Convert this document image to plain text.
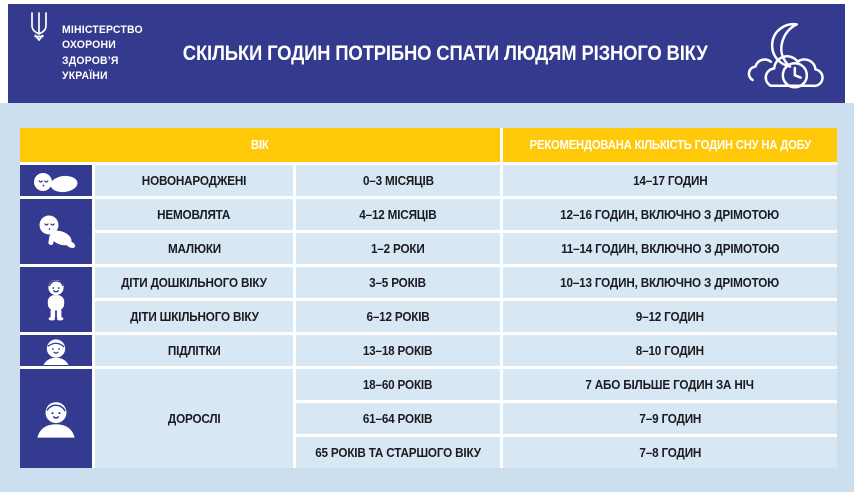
МІНІСТЕРСТВО
ОХОРОНИ
ЗДОРОВ’Я
УКРАЇНИ
СКІЛЬКИ ГОДИН ПОТРІБНО СПАТИ ЛЮДЯМ РІЗНОГО ВІКУ
ВІК	РЕКОМЕНДОВАНА КІЛЬКІСТЬ ГОДИН СНУ НА ДОБУ
НОВОНАРОДЖЕНІ	0–3 МІСЯЦІВ	14–17 ГОДИН
НЕМОВЛЯТА	4–12 МІСЯЦІВ	12–16 ГОДИН, ВКЛЮЧНО З ДРІМОТОЮ
МАЛЮКИ	1–2 РОКИ	11–14 ГОДИН, ВКЛЮЧНО З ДРІМОТОЮ
ДІТИ ДОШКІЛЬНОГО ВІКУ	3–5 РОКІВ	10–13 ГОДИН, ВКЛЮЧНО З ДРІМОТОЮ
ДІТИ ШКІЛЬНОГО ВІКУ	6–12 РОКІВ	9–12 ГОДИН
ПІДЛІТКИ	13–18 РОКІВ	8–10 ГОДИН
ДОРОСЛІ
18–60 РОКІВ	7 АБО БІЛЬШЕ ГОДИН ЗА НІЧ
61–64 РОКІВ	7–9 ГОДИН
65 РОКІВ ТА СТАРШОГО ВІКУ	7–8 ГОДИН
